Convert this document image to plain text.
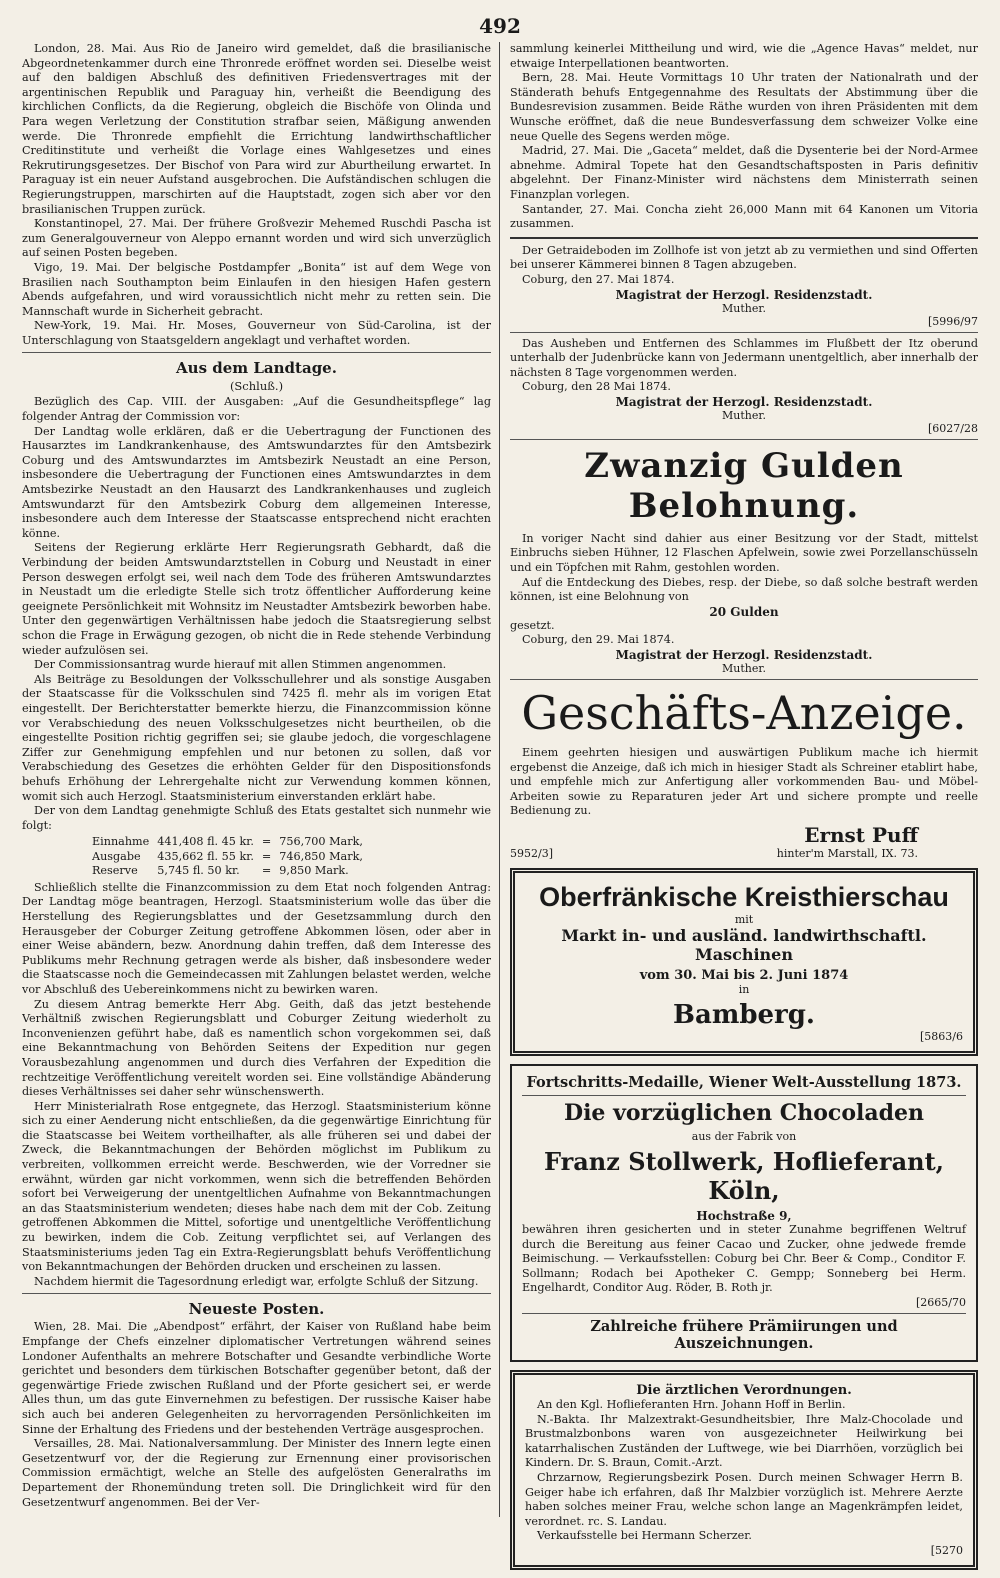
492

London, 28. Mai. Aus Rio de Janeiro wird gemeldet, daß die brasilianische Abgeordnetenkammer durch eine Thronrede eröffnet worden sei. Dieselbe weist auf den baldigen Abschluß des definitiven Friedensvertrages mit der argentinischen Republik und Paraguay hin, verheißt die Beendigung des kirchlichen Conflicts, da die Regierung, obgleich die Bischöfe von Olinda und Para wegen Verletzung der Constitution strafbar seien, Mäßigung anwenden werde. Die Thronrede empfiehlt die Errichtung landwirthschaftlicher Creditinstitute und verheißt die Vorlage eines Wahlgesetzes und eines Rekrutirungsgesetzes. Der Bischof von Para wird zur Aburtheilung erwartet. In Paraguay ist ein neuer Aufstand ausgebrochen. Die Aufständischen schlugen die Regierungstruppen, marschirten auf die Hauptstadt, zogen sich aber vor den brasilianischen Truppen zurück.

Konstantinopel, 27. Mai. Der frühere Großvezir Mehemed Ruschdi Pascha ist zum Generalgouverneur von Aleppo ernannt worden und wird sich unverzüglich auf seinen Posten begeben.

Vigo, 19. Mai. Der belgische Postdampfer „Bonita“ ist auf dem Wege von Brasilien nach Southampton beim Einlaufen in den hiesigen Hafen gestern Abends aufgefahren, und wird voraussichtlich nicht mehr zu retten sein. Die Mannschaft wurde in Sicherheit gebracht.

New-York, 19. Mai. Hr. Moses, Gouverneur von Süd-Carolina, ist der Unterschlagung von Staatsgeldern angeklagt und verhaftet worden.

Aus dem Landtage.
(Schluß.)

Bezüglich des Cap. VIII. der Ausgaben: „Auf die Gesundheitspflege“ lag folgender Antrag der Commission vor:

Der Landtag wolle erklären, daß er die Uebertragung der Functionen des Hausarztes im Landkrankenhause, des Amtswundarztes für den Amtsbezirk Coburg und des Amtswundarztes im Amtsbezirk Neustadt an eine Person, insbesondere die Uebertragung der Functionen eines Amtswundarztes in dem Amtsbezirke Neustadt an den Hausarzt des Landkrankenhauses und zugleich Amtswundarzt für den Amtsbezirk Coburg dem allgemeinen Interesse, insbesondere auch dem Interesse der Staatscasse entsprechend nicht erachten könne.

Seitens der Regierung erklärte Herr Regierungsrath Gebhardt, daß die Verbindung der beiden Amtswundarztstellen in Coburg und Neustadt in einer Person deswegen erfolgt sei, weil nach dem Tode des früheren Amtswundarztes in Neustadt um die erledigte Stelle sich trotz öffentlicher Aufforderung keine geeignete Persönlichkeit mit Wohnsitz im Neustadter Amtsbezirk beworben habe. Unter den gegenwärtigen Verhältnissen habe jedoch die Staatsregierung selbst schon die Frage in Erwägung gezogen, ob nicht die in Rede stehende Verbindung wieder aufzulösen sei.

Der Commissionsantrag wurde hierauf mit allen Stimmen angenommen.

Als Beiträge zu Besoldungen der Volksschullehrer und als sonstige Ausgaben der Staatscasse für die Volksschulen sind 7425 fl. mehr als im vorigen Etat eingestellt. Der Berichterstatter bemerkte hierzu, die Finanzcommission könne vor Verabschiedung des neuen Volksschulgesetzes nicht beurtheilen, ob die eingestellte Position richtig gegriffen sei; sie glaube jedoch, die vorgeschlagene Ziffer zur Genehmigung empfehlen und nur betonen zu sollen, daß vor Verabschiedung des Gesetzes die erhöhten Gelder für den Dispositionsfonds behufs Erhöhung der Lehrergehalte nicht zur Verwendung kommen können, womit sich auch Herzogl. Staatsministerium einverstanden erklärt habe.

Der von dem Landtag genehmigte Schluß des Etats gestaltet sich nunmehr wie folgt:

Einnahme	441,408 fl. 45 kr.	=	756,700 Mark,
Ausgabe	435,662 fl. 55 kr.	=	746,850 Mark,
Reserve	5,745 fl. 50 kr.	=	9,850 Mark.

Schließlich stellte die Finanzcommission zu dem Etat noch folgenden Antrag: Der Landtag möge beantragen, Herzogl. Staatsministerium wolle das über die Herstellung des Regierungsblattes und der Gesetzsammlung durch den Herausgeber der Coburger Zeitung getroffene Abkommen lösen, oder aber in einer Weise abändern, bezw. Anordnung dahin treffen, daß dem Interesse des Publikums mehr Rechnung getragen werde als bisher, daß insbesondere weder die Staatscasse noch die Gemeindecassen mit Zahlungen belastet werden, welche vor Abschluß des Uebereinkommens nicht zu bewirken waren.

Zu diesem Antrag bemerkte Herr Abg. Geith, daß das jetzt bestehende Verhältniß zwischen Regierungsblatt und Coburger Zeitung wiederholt zu Inconvenienzen geführt habe, daß es namentlich schon vorgekommen sei, daß eine Bekanntmachung von Behörden Seitens der Expedition nur gegen Vorausbezahlung angenommen und durch dies Verfahren der Expedition die rechtzeitige Veröffentlichung vereitelt worden sei. Eine vollständige Abänderung dieses Verhältnisses sei daher sehr wünschenswerth.

Herr Ministerialrath Rose entgegnete, das Herzogl. Staatsministerium könne sich zu einer Aenderung nicht entschließen, da die gegenwärtige Einrichtung für die Staatscasse bei Weitem vortheilhafter, als alle früheren sei und dabei der Zweck, die Bekanntmachungen der Behörden möglichst im Publikum zu verbreiten, vollkommen erreicht werde. Beschwerden, wie der Vorredner sie erwähnt, würden gar nicht vorkommen, wenn sich die betreffenden Behörden sofort bei Verweigerung der unentgeltlichen Aufnahme von Bekanntmachungen an das Staatsministerium wendeten; dieses habe nach dem mit der Cob. Zeitung getroffenen Abkommen die Mittel, sofortige und unentgeltliche Veröffentlichung zu bewirken, indem die Cob. Zeitung verpflichtet sei, auf Verlangen des Staatsministeriums jeden Tag ein Extra-Regierungsblatt behufs Veröffentlichung von Bekanntmachungen der Behörden drucken und erscheinen zu lassen.

Nachdem hiermit die Tagesordnung erledigt war, erfolgte Schluß der Sitzung.

Neueste Posten.

Wien, 28. Mai. Die „Abendpost“ erfährt, der Kaiser von Rußland habe beim Empfange der Chefs einzelner diplomatischer Vertretungen während seines Londoner Aufenthalts an mehrere Botschafter und Gesandte verbindliche Worte gerichtet und besonders dem türkischen Botschafter gegenüber betont, daß der gegenwärtige Friede zwischen Rußland und der Pforte gesichert sei, er werde Alles thun, um das gute Einvernehmen zu befestigen. Der russische Kaiser habe sich auch bei anderen Gelegenheiten zu hervorragenden Persönlichkeiten im Sinne der Erhaltung des Friedens und der bestehenden Verträge ausgesprochen.

Versailles, 28. Mai. Nationalversammlung. Der Minister des Innern legte einen Gesetzentwurf vor, der die Regierung zur Ernennung einer provisorischen Commission ermächtigt, welche an Stelle des aufgelösten Generalraths im Departement der Rhonemündung treten soll. Die Dringlichkeit wird für den Gesetzentwurf angenommen. Bei der Ver-

sammlung keinerlei Mittheilung und wird, wie die „Agence Havas“ meldet, nur etwaige Interpellationen beantworten.

Bern, 28. Mai. Heute Vormittags 10 Uhr traten der Nationalrath und der Ständerath behufs Entgegennahme des Resultats der Abstimmung über die Bundesrevision zusammen. Beide Räthe wurden von ihren Präsidenten mit dem Wunsche eröffnet, daß die neue Bundesverfassung dem schweizer Volke eine neue Quelle des Segens werden möge.

Madrid, 27. Mai. Die „Gaceta“ meldet, daß die Dysenterie bei der Nord-Armee abnehme. Admiral Topete hat den Gesandtschaftsposten in Paris definitiv abgelehnt. Der Finanz-Minister wird nächstens dem Ministerrath seinen Finanzplan vorlegen.

Santander, 27. Mai. Concha zieht 26,000 Mann mit 64 Kanonen um Vitoria zusammen.

Der Getraideboden im Zollhofe ist von jetzt ab zu vermiethen und sind Offerten bei unserer Kämmerei binnen 8 Tagen abzugeben.

Coburg, den 27. Mai 1874.

Magistrat der Herzogl. Residenzstadt.
Muther.
[5996/97

Das Ausheben und Entfernen des Schlammes im Flußbett der Itz oberund unterhalb der Judenbrücke kann von Jedermann unentgeltlich, aber innerhalb der nächsten 8 Tage vorgenommen werden.

Coburg, den 28 Mai 1874.

Magistrat der Herzogl. Residenzstadt.
Muther.
[6027/28
Zwanzig Gulden Belohnung.

In voriger Nacht sind dahier aus einer Besitzung vor der Stadt, mittelst Einbruchs sieben Hühner, 12 Flaschen Apfelwein, sowie zwei Porzellanschüsseln und ein Töpfchen mit Rahm, gestohlen worden.

Auf die Entdeckung des Diebes, resp. der Diebe, so daß solche bestraft werden können, ist eine Belohnung von

20 Gulden

gesetzt.

Coburg, den 29. Mai 1874.

Magistrat der Herzogl. Residenzstadt.
Muther.
Geschäfts-Anzeige.

Einem geehrten hiesigen und auswärtigen Publikum mache ich hiermit ergebenst die Anzeige, daß ich mich in hiesiger Stadt als Schreiner etablirt habe, und empfehle mich zur Anfertigung aller vorkommenden Bau- und Möbel-Arbeiten sowie zu Reparaturen jeder Art und sichere prompte und reelle Bedienung zu.

Ernst Puff
5952/3]	hinter'm Marstall, IX. 73.
Oberfränkische Kreisthierschau
mit
Markt in- und ausländ. landwirthschaftl. Maschinen
vom 30. Mai bis 2. Juni 1874
in
Bamberg.
[5863/6
Fortschritts-Medaille, Wiener Welt-Ausstellung 1873.
Die vorzüglichen Chocoladen
aus der Fabrik von
Franz Stollwerk, Hoflieferant, Köln,
Hochstraße 9,

bewähren ihren gesicherten und in steter Zunahme begriffenen Weltruf durch die Bereitung aus feiner Cacao und Zucker, ohne jedwede fremde Beimischung. — Verkaufsstellen: Coburg bei Chr. Beer & Comp., Conditor F. Sollmann; Rodach bei Apotheker C. Gempp; Sonneberg bei Herm. Engelhardt, Conditor Aug. Röder, B. Roth jr.

[2665/70
Zahlreiche frühere Prämiirungen und Auszeichnungen.
Die ärztlichen Verordnungen.

An den Kgl. Hoflieferanten Hrn. Johann Hoff in Berlin.

N.-Bakta. Ihr Malzextrakt-Gesundheitsbier, Ihre Malz-Chocolade und Brustmalzbonbons waren von ausgezeichneter Heilwirkung bei katarrhalischen Zuständen der Luftwege, wie bei Diarrhöen, vorzüglich bei Kindern. Dr. S. Braun, Comit.-Arzt.

Chrzarnow, Regierungsbezirk Posen. Durch meinen Schwager Herrn B. Geiger habe ich erfahren, daß Ihr Malzbier vorzüglich ist. Mehrere Aerzte haben solches meiner Frau, welche schon lange an Magenkrämpfen leidet, verordnet. rc. S. Landau.

Verkaufsstelle bei Hermann Scherzer.

[5270
